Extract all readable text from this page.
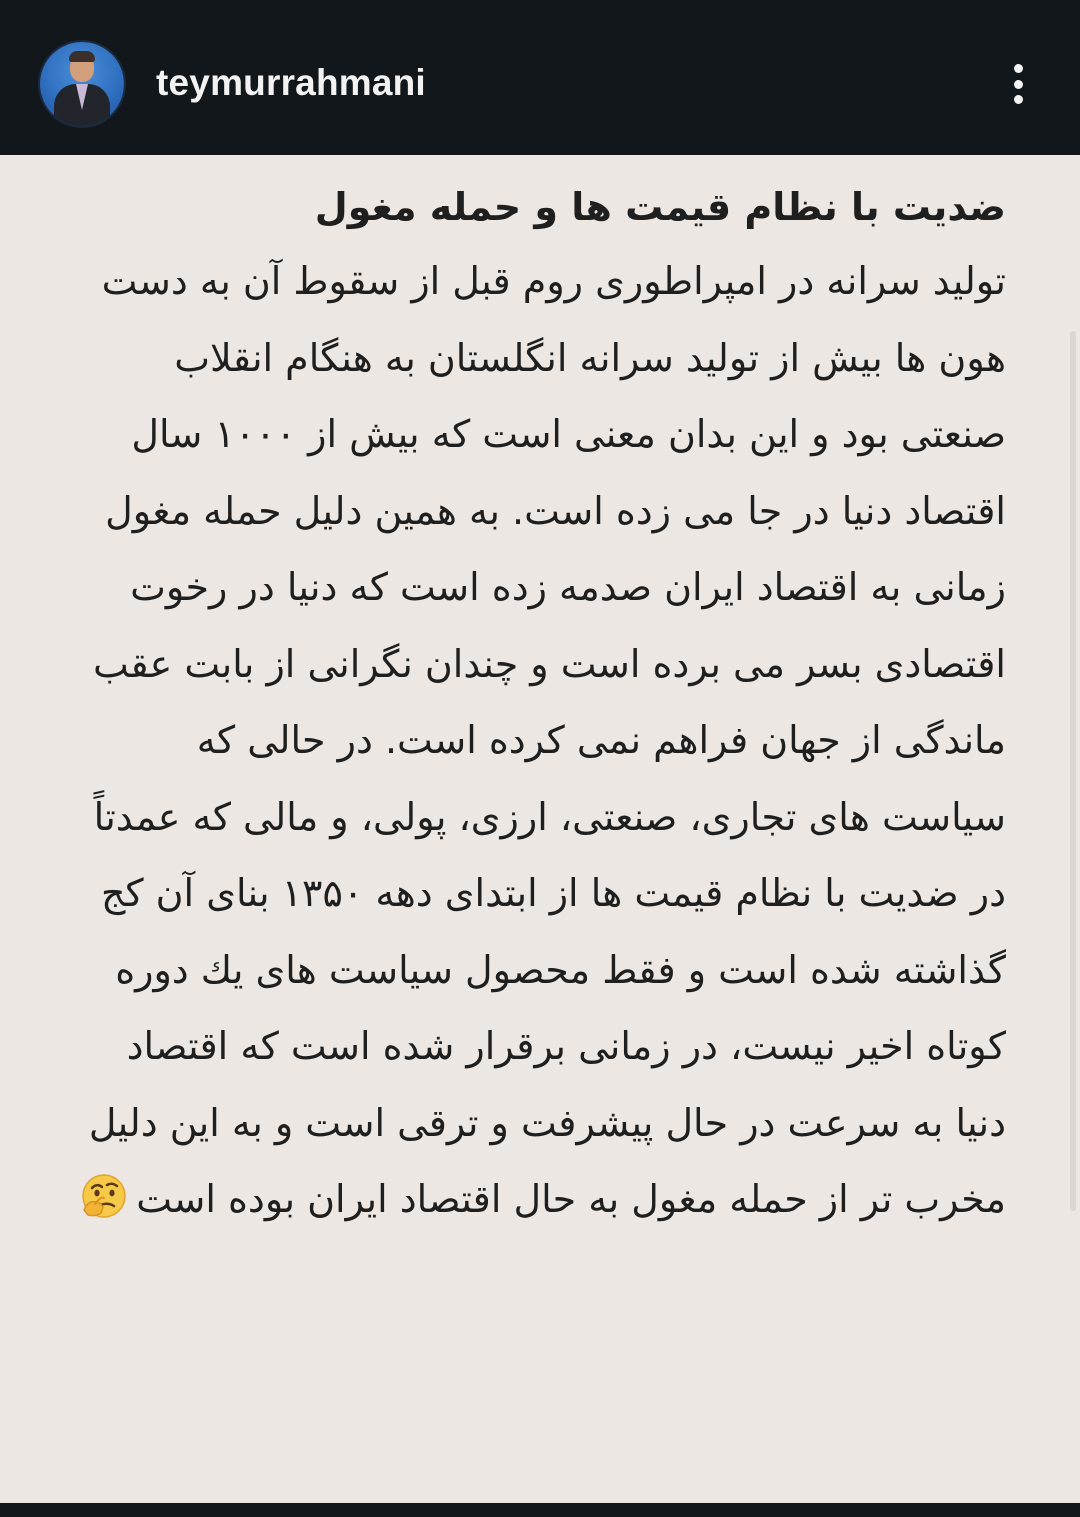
teymurrahmani
ضدیت با نظام قیمت ها و حمله مغول

تولید سرانه در امپراطوری روم قبل از سقوط آن به دست هون ها بیش از تولید سرانه انگلستان به هنگام انقلاب صنعتی بود و این بدان معنی است که بیش از ۱۰۰۰ سال اقتصاد دنیا در جا می زده است. به همین دلیل حمله مغول زمانی به اقتصاد ایران صدمه زده است که دنیا در رخوت اقتصادی بسر می برده است و چندان نگرانی از بابت عقب ماندگی از جهان فراهم نمی کرده است. در حالی که سیاست های تجاری، صنعتی، ارزی، پولی، و مالی که عمدتاً در ضدیت با نظام قیمت ها از ابتدای دهه ۱۳۵۰ بنای آن کج گذاشته شده است و فقط محصول سیاست های یك دوره کوتاه اخیر نیست، در زمانی برقرار شده است که اقتصاد دنیا به سرعت در حال پیشرفت و ترقی است و به این دلیل مخرب تر از حمله مغول به حال اقتصاد ایران بوده است
